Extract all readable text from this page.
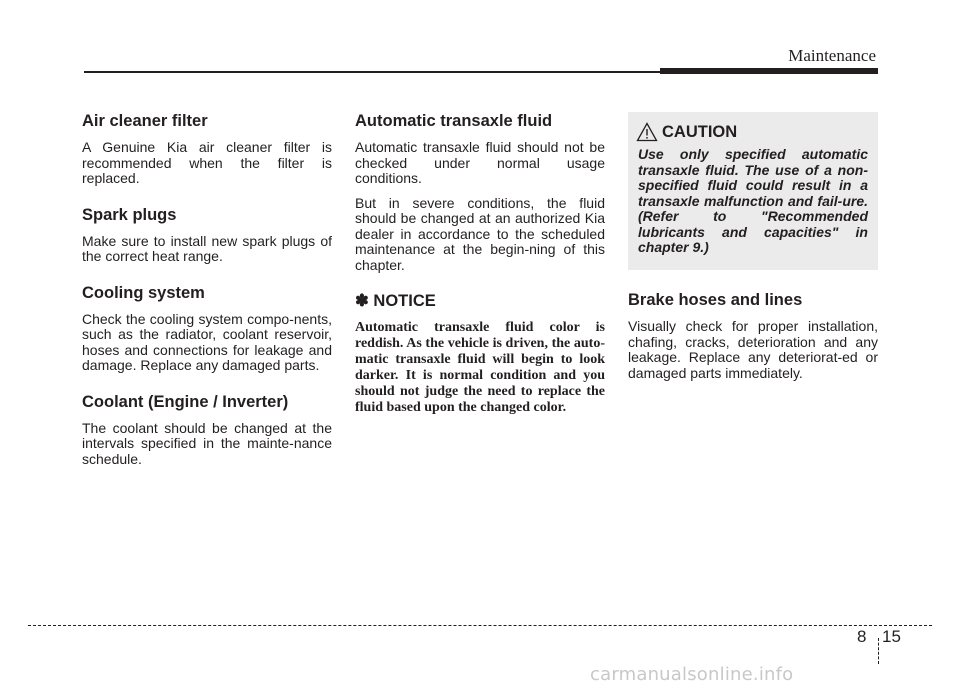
Maintenance
Air cleaner filter

A Genuine Kia air cleaner filter is recommended when the filter is replaced.

Spark plugs

Make sure to install new spark plugs of the correct heat range.

Cooling system

Check the cooling system compo-nents, such as the radiator, coolant reservoir, hoses and connections for leakage and damage. Replace any damaged parts.

Coolant (Engine / Inverter)

The coolant should be changed at the intervals specified in the mainte-nance schedule.

Automatic transaxle fluid

Automatic transaxle fluid should not be checked under normal usage conditions.

But in severe conditions, the fluid should be changed at an authorized Kia dealer in accordance to the scheduled maintenance at the begin-ning of this chapter.

✽ NOTICE

Automatic transaxle fluid color is reddish. As the vehicle is driven, the auto-matic transaxle fluid will begin to look darker. It is normal condition and you should not judge the need to replace the fluid based upon the changed color.

CAUTION

Use only specified automatic transaxle fluid. The use of a non-specified fluid could result in a transaxle malfunction and fail-ure. (Refer to "Recommended lubricants and capacities" in chapter 9.)

Brake hoses and lines

Visually check for proper installation, chafing, cracks, deterioration and any leakage. Replace any deteriorat-ed or damaged parts immediately.

8 15
carmanualsonline.info
